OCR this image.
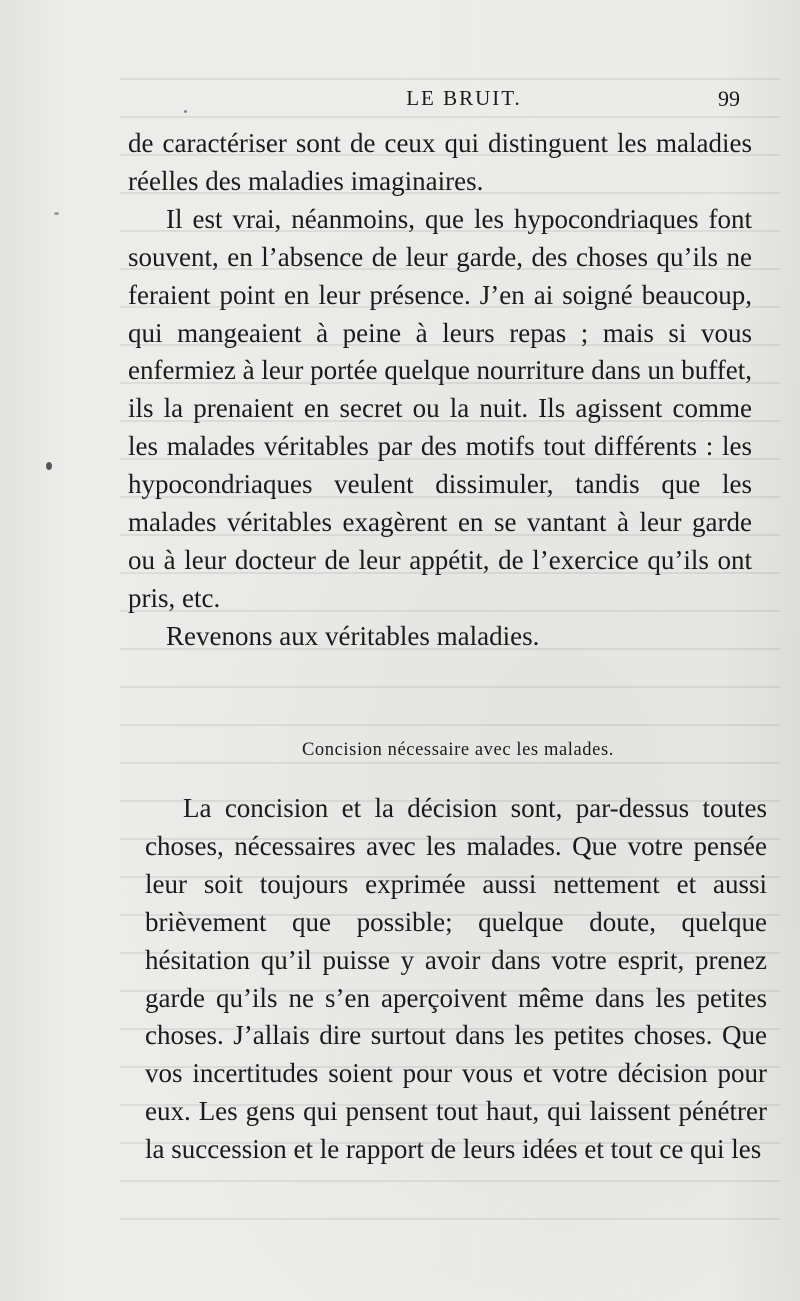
LE BRUIT.	99

de caractériser sont de ceux qui distinguent les maladies réelles des maladies imaginaires.

Il est vrai, néanmoins, que les hypocondriaques font souvent, en l’absence de leur garde, des choses qu’ils ne feraient point en leur présence. J’en ai soigné beaucoup, qui mangeaient à peine à leurs repas ; mais si vous enfermiez à leur portée quelque nourriture dans un buffet, ils la prenaient en secret ou la nuit. Ils agissent comme les malades véritables par des motifs tout différents : les hypocondriaques veulent dissimuler, tandis que les malades véritables exagèrent en se vantant à leur garde ou à leur docteur de leur appétit, de l’exercice qu’ils ont pris, etc.

Revenons aux véritables maladies.

Concision nécessaire avec les malades.

La concision et la décision sont, par-dessus toutes choses, nécessaires avec les malades. Que votre pensée leur soit toujours exprimée aussi nettement et aussi brièvement que possible; quelque doute, quelque hésitation qu’il puisse y avoir dans votre esprit, prenez garde qu’ils ne s’en aperçoivent même dans les petites choses. J’allais dire surtout dans les petites choses. Que vos incertitudes soient pour vous et votre décision pour eux. Les gens qui pensent tout haut, qui laissent pénétrer la succession et le rapport de leurs idées et tout ce qui les
